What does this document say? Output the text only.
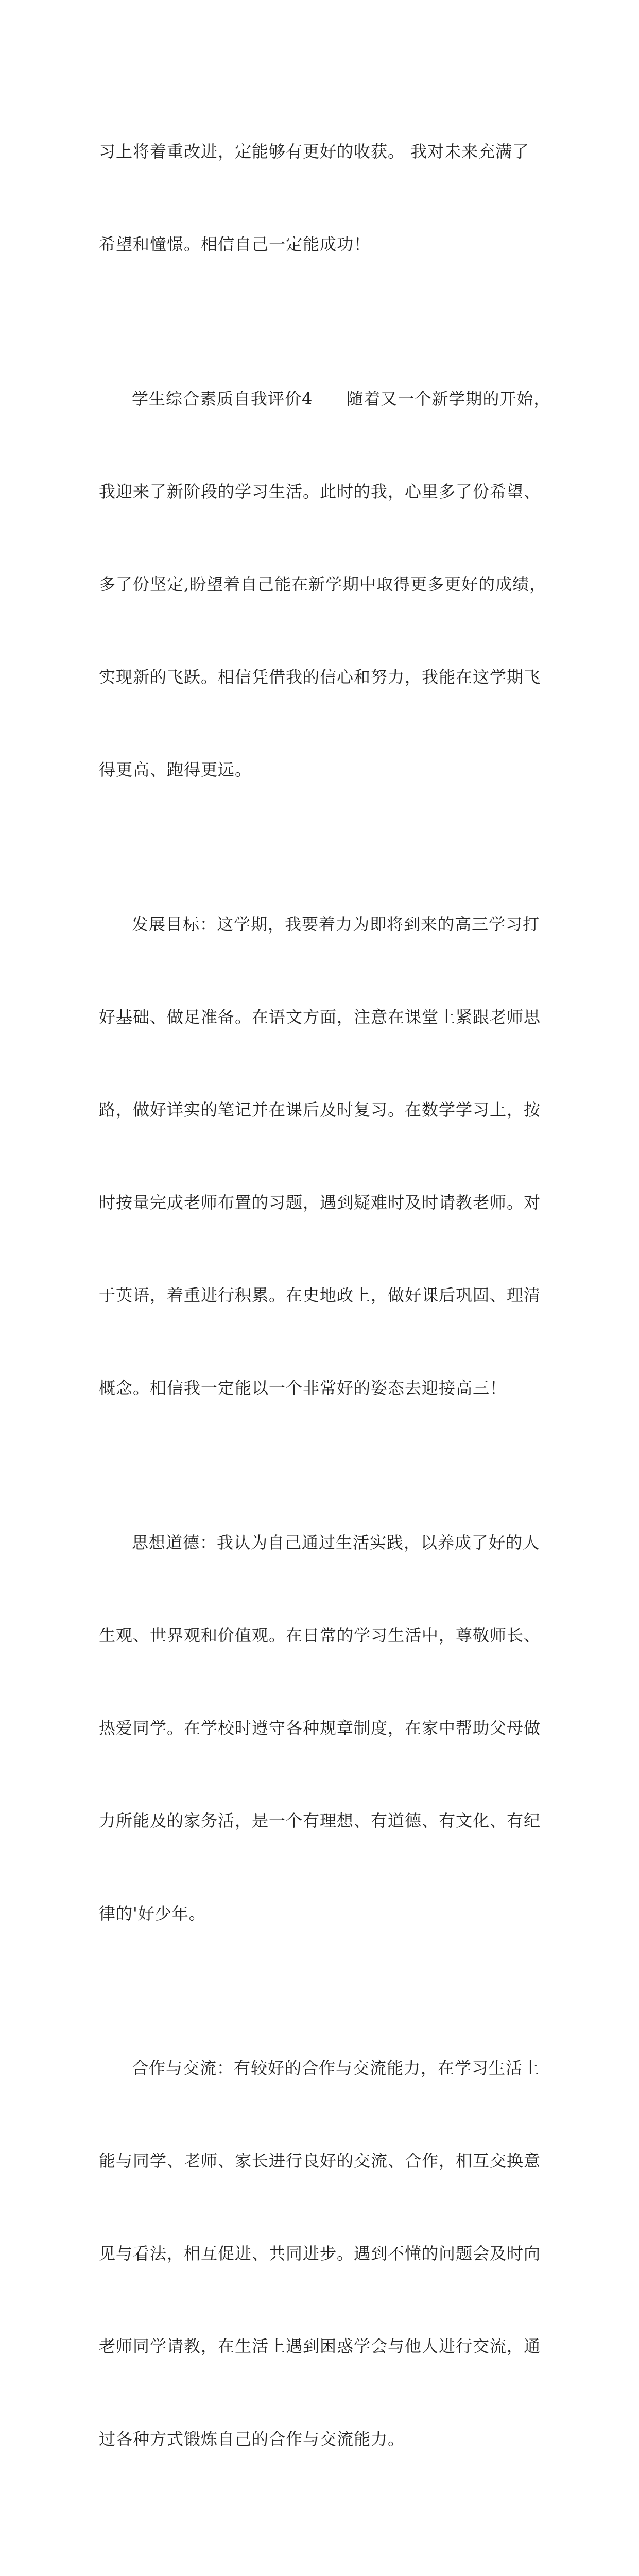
习上将着重改进，定能够有更好的收获。 我对未来充满了

希望和憧憬。相信自己一定能成功！

学生综合素质自我评价4　　随着又一个新学期的开始，

我迎来了新阶段的学习生活。此时的我，心里多了份希望、

多了份坚定,盼望着自己能在新学期中取得更多更好的成绩，

实现新的飞跃。相信凭借我的信心和努力，我能在这学期飞

得更高、跑得更远。

发展目标：这学期，我要着力为即将到来的高三学习打

好基础、做足准备。在语文方面，注意在课堂上紧跟老师思

路，做好详实的笔记并在课后及时复习。在数学学习上，按

时按量完成老师布置的习题，遇到疑难时及时请教老师。对

于英语，着重进行积累。在史地政上，做好课后巩固、理清

概念。相信我一定能以一个非常好的姿态去迎接高三！

思想道德：我认为自己通过生活实践，以养成了好的人

生观、世界观和价值观。在日常的学习生活中，尊敬师长、

热爱同学。在学校时遵守各种规章制度，在家中帮助父母做

力所能及的家务活，是一个有理想、有道德、有文化、有纪

律的'好少年。

合作与交流：有较好的合作与交流能力，在学习生活上

能与同学、老师、家长进行良好的交流、合作，相互交换意

见与看法，相互促进、共同进步。遇到不懂的问题会及时向

老师同学请教，在生活上遇到困惑学会与他人进行交流，通

过各种方式锻炼自己的合作与交流能力。
